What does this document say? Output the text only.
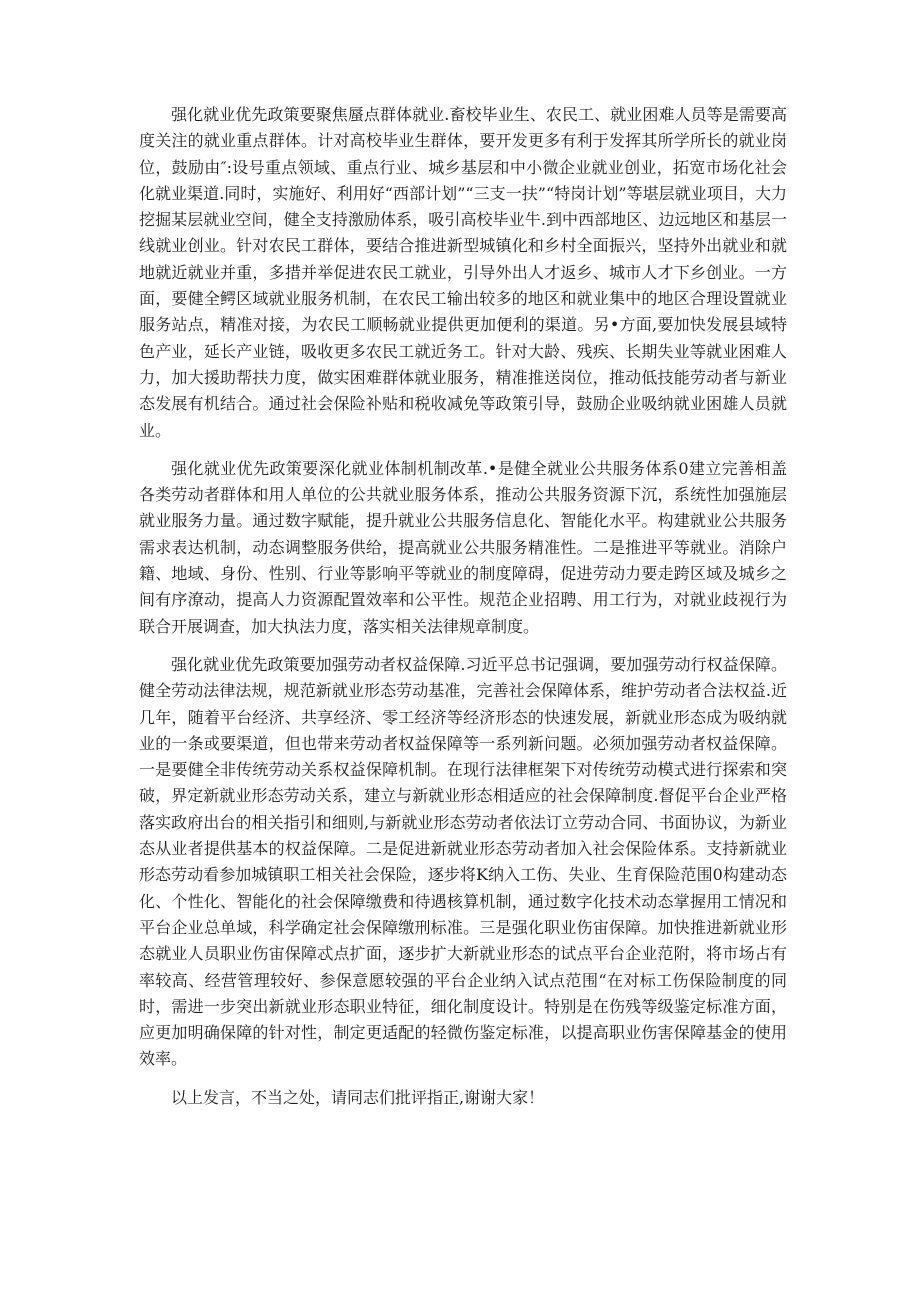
强化就业优先政策要聚焦蜃点群体就业.畜校毕业生、农民工、就业困难人员等是需要高度关注的就业重点群体。计对高校毕业生群体，要开发更多有利于发挥其所学所长的就业岗位，鼓励由″:设号重点领域、重点行业、城乡基层和中小微企业就业创业，拓宽市场化社会化就业渠道.同时，实施好、利用好“西部计划”“三支一扶”“特岗计划”等堪层就业项目，大力挖掘某层就业空间，健全支持激励体系，吸引高校毕业牛.到中西部地区、边远地区和基层一线就业创业。针对农民工群体，要结合推进新型城镇化和乡村全面振兴，坚持外出就业和就地就近就业并重，多措并举促进农民工就业，引导外出人才返乡、城市人才下乡创业。一方面，要健全鳄区域就业服务机制，在农民工输出较多的地区和就业集中的地区合理设置就业服务站点，精准对接，为农民工顺畅就业提供更加便利的渠道。另•方面,要加快发展县域特色产业，延长产业链，吸收更多农民工就近务工。针对大龄、残疾、长期失业等就业困难人力，加大援助帮扶力度，做实困难群体就业服务，精准推送岗位，推动低技能劳动者与新业态发展有机结合。通过社会保险补贴和税收减免等政策引导，鼓励企业吸纳就业困雄人员就业。

强化就业优先政策要深化就业体制机制改革.•是健全就业公共服务体系0建立完善相盖各类劳动者群体和用人单位的公共就业服务体系，推动公共服务资源下沉，系统性加强施层就业服务力量。通过数字赋能，提升就业公共服务信息化、智能化水平。构建就业公共服务需求表达机制，动态调整服务供给，提高就业公共服务精准性。二是推进平等就业。消除户籍、地域、身份、性别、行业等影响平等就业的制度障碍，促进劳动力要走跨区域及城乡之间有序潦动，提高人力资源配置效率和公平性。规范企业招聘、用工行为，对就业歧视行为联合开展调查，加大执法力度，落实相关法律规章制度。

强化就业优先政策要加强劳动者权益保障.习近平总书记强调，要加强劳动行权益保障。健全劳动法律法规，规范新就业形态劳动基准，完善社会保障体系，维护劳动者合法权益.近几年，随着平台经济、共享经济、零工经济等经济形态的快速发展，新就业形态成为吸纳就业的一条或要渠道，但也带来劳动者权益保障等一系列新问题。必须加强劳动者权益保障。一是要健全非传统劳动关系权益保障机制。在现行法律框架下对传统劳动模式进行探索和突破，界定新就业形态劳动关系，建立与新就业形态相适应的社会保障制度.督促平台企业严格落实政府出台的相关指引和细则,与新就业形态劳动者依法订立劳动合同、书面协议，为新业态从业者提供基本的权益保障。二是促进新就业形态劳动者加入社会保险体系。支持新就业形态劳动看参加城镇职工相关社会保险，逐步将K纳入工伤、失业、生育保险范围0构建动态化、个性化、智能化的社会保障缴费和待遇核算机制，通过数字化技术动态掌握用工情况和平台企业总单域，科学确定社会保障缴刑标准。三是强化职业伤宙保障。加快推进新就业形态就业人员职业伤宙保障忒点扩面，逐步扩大新就业形态的试点平台企业范附，将市场占有率较高、经营管理较好、参保意愿较强的平台企业纳入试点范围“在对标工伤保险制度的同时，需进一步突出新就业形态职业特征，细化制度设计。特别是在伤残等级鉴定标准方面，应更加明确保障的针对性，制定更适配的轻微伤鉴定标准，以提高职业伤害保障基金的使用效率。

以上发言，不当之处，请同志们批评指正,谢谢大家！
